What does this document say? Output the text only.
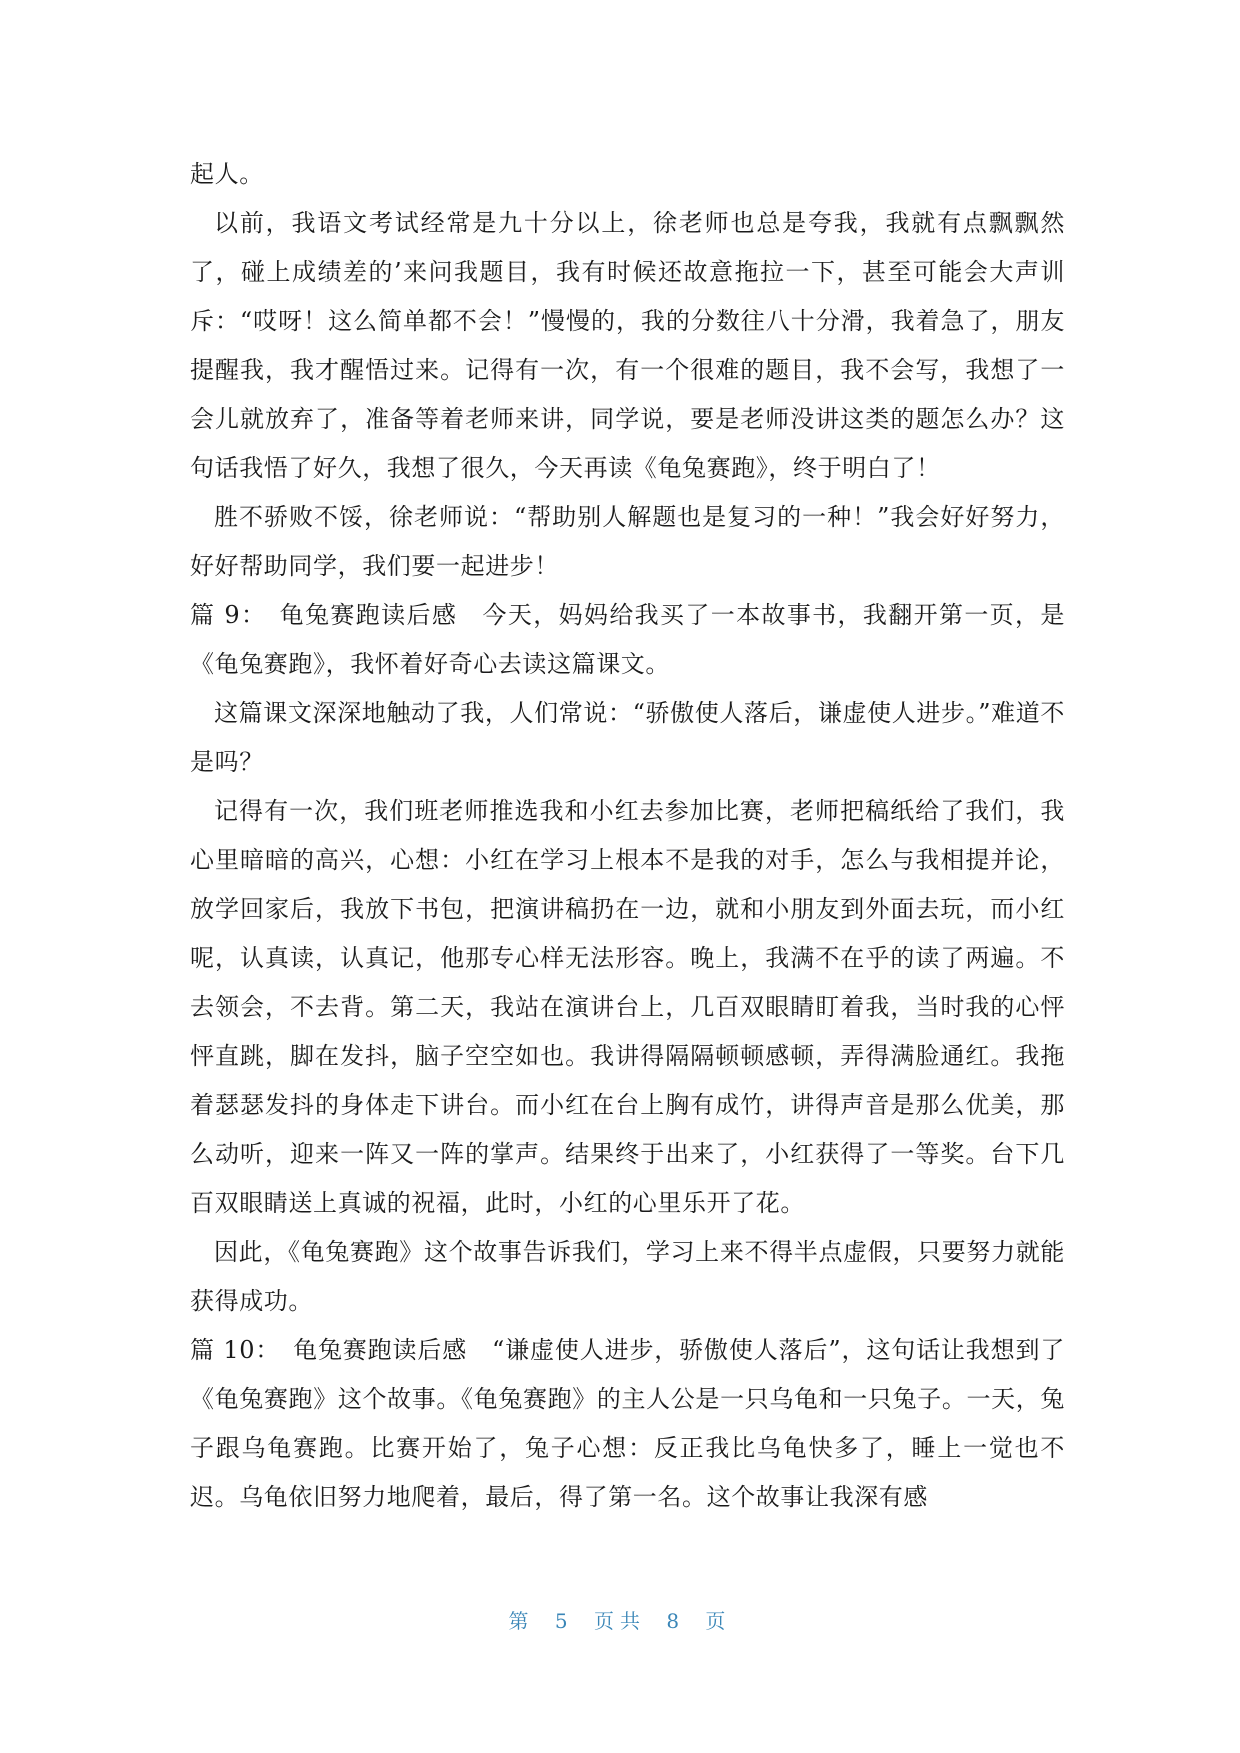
起人。

以前，我语文考试经常是九十分以上，徐老师也总是夸我，我就有点飘飘然了，碰上成绩差的’来问我题目，我有时候还故意拖拉一下，甚至可能会大声训斥：“哎呀！这么简单都不会！”慢慢的，我的分数往八十分滑，我着急了，朋友提醒我，我才醒悟过来。记得有一次，有一个很难的题目，我不会写，我想了一会儿就放弃了，准备等着老师来讲，同学说，要是老师没讲这类的题怎么办？这句话我悟了好久，我想了很久，今天再读《龟兔赛跑》，终于明白了！

胜不骄败不馁，徐老师说：“帮助别人解题也是复习的一种！”我会好好努力，好好帮助同学，我们要一起进步！

篇 9：　龟兔赛跑读后感　今天，妈妈给我买了一本故事书，我翻开第一页，是《龟兔赛跑》，我怀着好奇心去读这篇课文。

这篇课文深深地触动了我，人们常说：“骄傲使人落后，谦虚使人进步。”难道不是吗？

记得有一次，我们班老师推选我和小红去参加比赛，老师把稿纸给了我们，我心里暗暗的高兴，心想：小红在学习上根本不是我的对手，怎么与我相提并论，放学回家后，我放下书包，把演讲稿扔在一边，就和小朋友到外面去玩，而小红呢，认真读，认真记，他那专心样无法形容。晚上，我满不在乎的读了两遍。不去领会，不去背。第二天，我站在演讲台上，几百双眼睛盯着我，当时我的心怦怦直跳，脚在发抖，脑子空空如也。我讲得隔隔顿顿感顿，弄得满脸通红。我拖着瑟瑟发抖的身体走下讲台。而小红在台上胸有成竹，讲得声音是那么优美，那么动听，迎来一阵又一阵的掌声。结果终于出来了，小红获得了一等奖。台下几百双眼睛送上真诚的祝福，此时，小红的心里乐开了花。

因此，《龟兔赛跑》这个故事告诉我们，学习上来不得半点虚假，只要努力就能获得成功。

篇 10：　龟兔赛跑读后感　“谦虚使人进步，骄傲使人落后”，这句话让我想到了《龟兔赛跑》这个故事。《龟兔赛跑》的主人公是一只乌龟和一只兔子。一天，兔子跟乌龟赛跑。比赛开始了，兔子心想：反正我比乌龟快多了，睡上一觉也不迟。乌龟依旧努力地爬着，最后，得了第一名。这个故事让我深有感

第 5 页共 8 页
